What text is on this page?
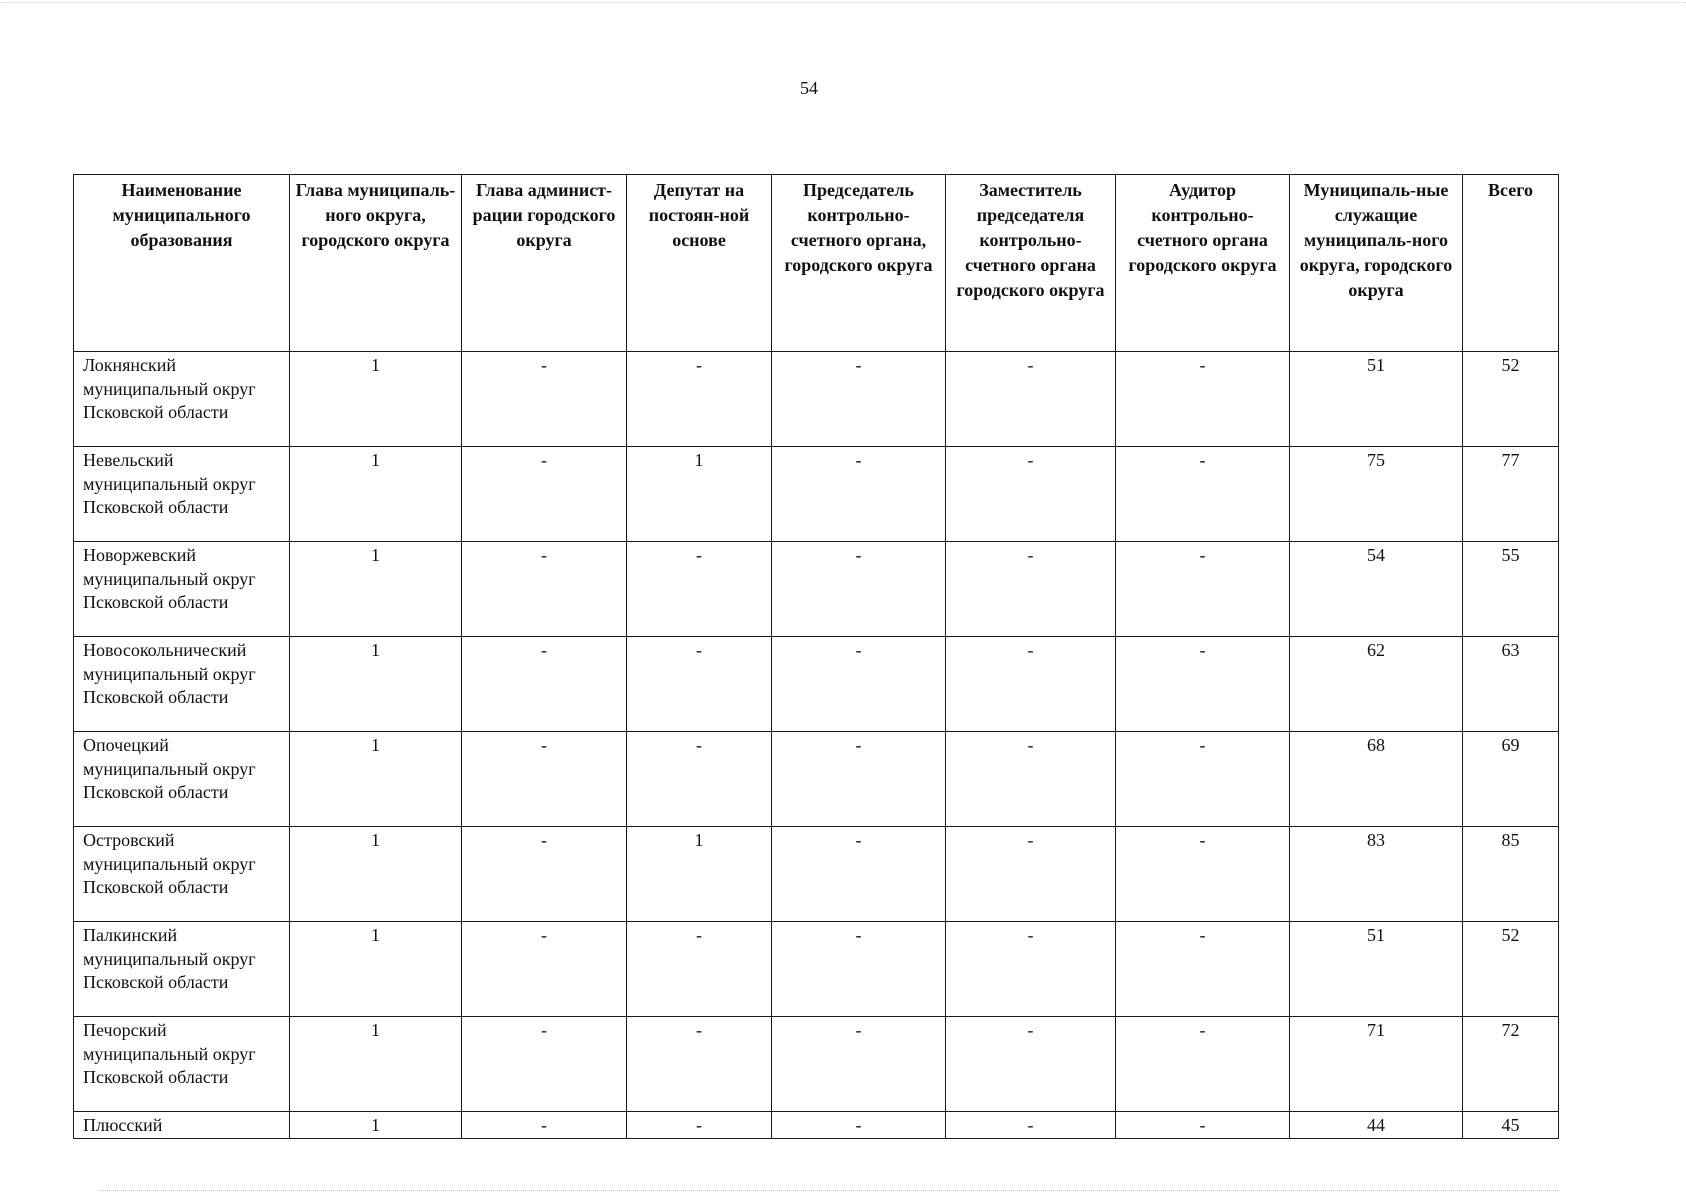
54
Наименование муниципального образования	Глава муниципаль-ного округа, городского округа	Глава админист-рации городского округа	Депутат на постоян-ной основе	Председатель контрольно-счетного органа, городского округа	Заместитель председателя контрольно-счетного органа городского округа	Аудитор контрольно-счетного органа городского округа	Муниципаль-ные служащие муниципаль-ного округа, городского округа	Всего
Локнянский муниципальный округ Псковской области	1	-	-	-	-	-	51	52
Невельский муниципальный округ Псковской области	1	-	1	-	-	-	75	77
Новоржевский муниципальный округ Псковской области	1	-	-	-	-	-	54	55
Новосокольнический муниципальный округ Псковской области	1	-	-	-	-	-	62	63
Опочецкий муниципальный округ Псковской области	1	-	-	-	-	-	68	69
Островский муниципальный округ Псковской области	1	-	1	-	-	-	83	85
Палкинский муниципальный округ Псковской области	1	-	-	-	-	-	51	52
Печорский муниципальный округ Псковской области	1	-	-	-	-	-	71	72
Плюсский	1	-	-	-	-	-	44	45
